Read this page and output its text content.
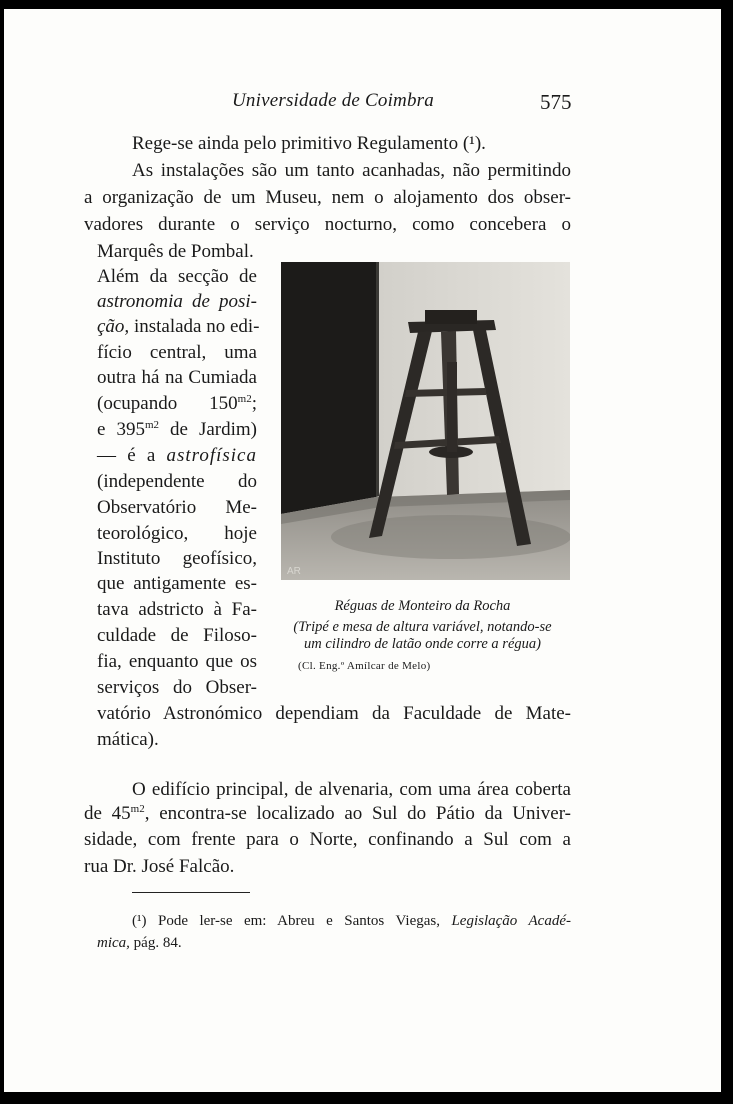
Universidade de Coimbra	575
Rege-se ainda pelo primitivo Regulamento (¹).
As instalações são um tanto acanhadas, não permitindo
a organização de um Museu, nem o alojamento dos obser-
vadores durante o serviço nocturno, como concebera o
Marquês de Pombal.
Além da secção de
astronomia de posi-
ção, instalada no edi-
fício central, uma
outra há na Cumiada
(ocupando $150^{m2}$;
e $395^{m2}$ de Jardim)
— é a astrofísica
(independente do
Observatório Me-
teorológico, hoje
Instituto geofísico,
que antigamente es-
tava adstricto à Fa-
culdade de Filoso-
fia, enquanto que os
serviços do Obser-
vatório Astronómico dependiam da Faculdade de Mate-
mática).
AR
Réguas de Monteiro da Rocha
(Tripé e mesa de altura variável, notando-se
um cilindro de latão onde corre a régua)
(Cl. Eng.º Amílcar de Melo)
O edifício principal, de alvenaria, com uma área coberta
de $45^{m2}$, encontra-se localizado ao Sul do Pátio da Univer-
sidade, com frente para o Norte, confinando a Sul com a
rua Dr. José Falcão.
(¹) Pode ler-se em: Abreu e Santos Viegas, Legislação Acadé-
mica, pág. 84.
